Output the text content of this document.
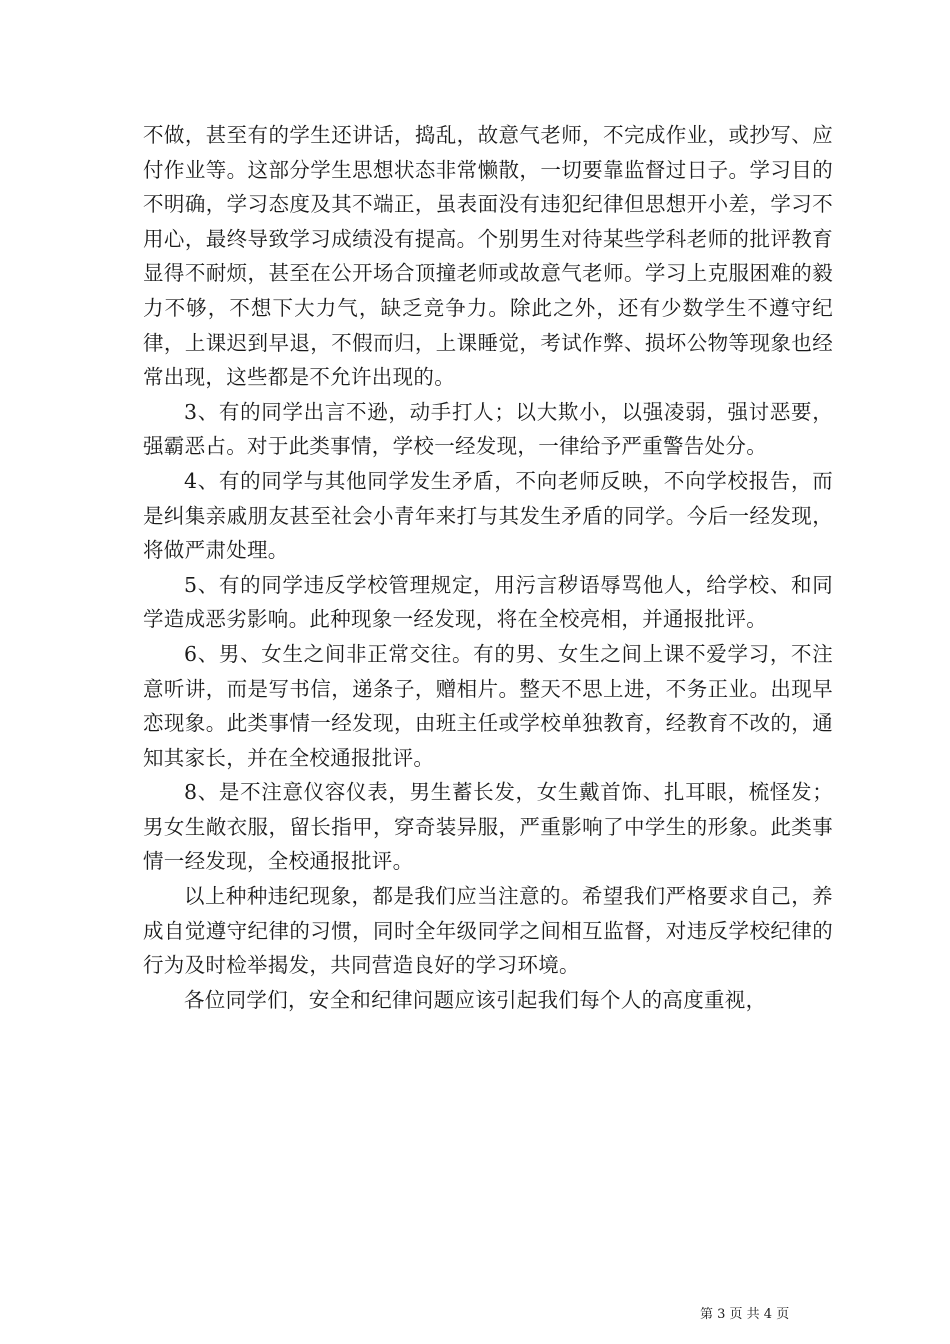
不做，甚至有的学生还讲话，捣乱，故意气老师，不完成作业，或抄写、应付作业等。这部分学生思想状态非常懒散，一切要靠监督过日子。学习目的不明确，学习态度及其不端正，虽表面没有违犯纪律但思想开小差，学习不用心，最终导致学习成绩没有提高。个别男生对待某些学科老师的批评教育显得不耐烦，甚至在公开场合顶撞老师或故意气老师。学习上克服困难的毅力不够，不想下大力气，缺乏竞争力。除此之外，还有少数学生不遵守纪律，上课迟到早退，不假而归，上课睡觉，考试作弊、损坏公物等现象也经常出现，这些都是不允许出现的。

3、有的同学出言不逊，动手打人；以大欺小，以强凌弱，强讨恶要，强霸恶占。对于此类事情，学校一经发现，一律给予严重警告处分。

4、有的同学与其他同学发生矛盾，不向老师反映，不向学校报告，而是纠集亲戚朋友甚至社会小青年来打与其发生矛盾的同学。今后一经发现，将做严肃处理。

5、有的同学违反学校管理规定，用污言秽语辱骂他人，给学校、和同学造成恶劣影响。此种现象一经发现，将在全校亮相，并通报批评。

6、男、女生之间非正常交往。有的男、女生之间上课不爱学习，不注意听讲，而是写书信，递条子，赠相片。整天不思上进，不务正业。出现早恋现象。此类事情一经发现，由班主任或学校单独教育，经教育不改的，通知其家长，并在全校通报批评。

8、是不注意仪容仪表，男生蓄长发，女生戴首饰、扎耳眼，梳怪发；男女生敞衣服，留长指甲，穿奇装异服，严重影响了中学生的形象。此类事情一经发现，全校通报批评。

以上种种违纪现象，都是我们应当注意的。希望我们严格要求自己，养成自觉遵守纪律的习惯，同时全年级同学之间相互监督，对违反学校纪律的行为及时检举揭发，共同营造良好的学习环境。

各位同学们，安全和纪律问题应该引起我们每个人的高度重视，

第 3 页 共 4 页
